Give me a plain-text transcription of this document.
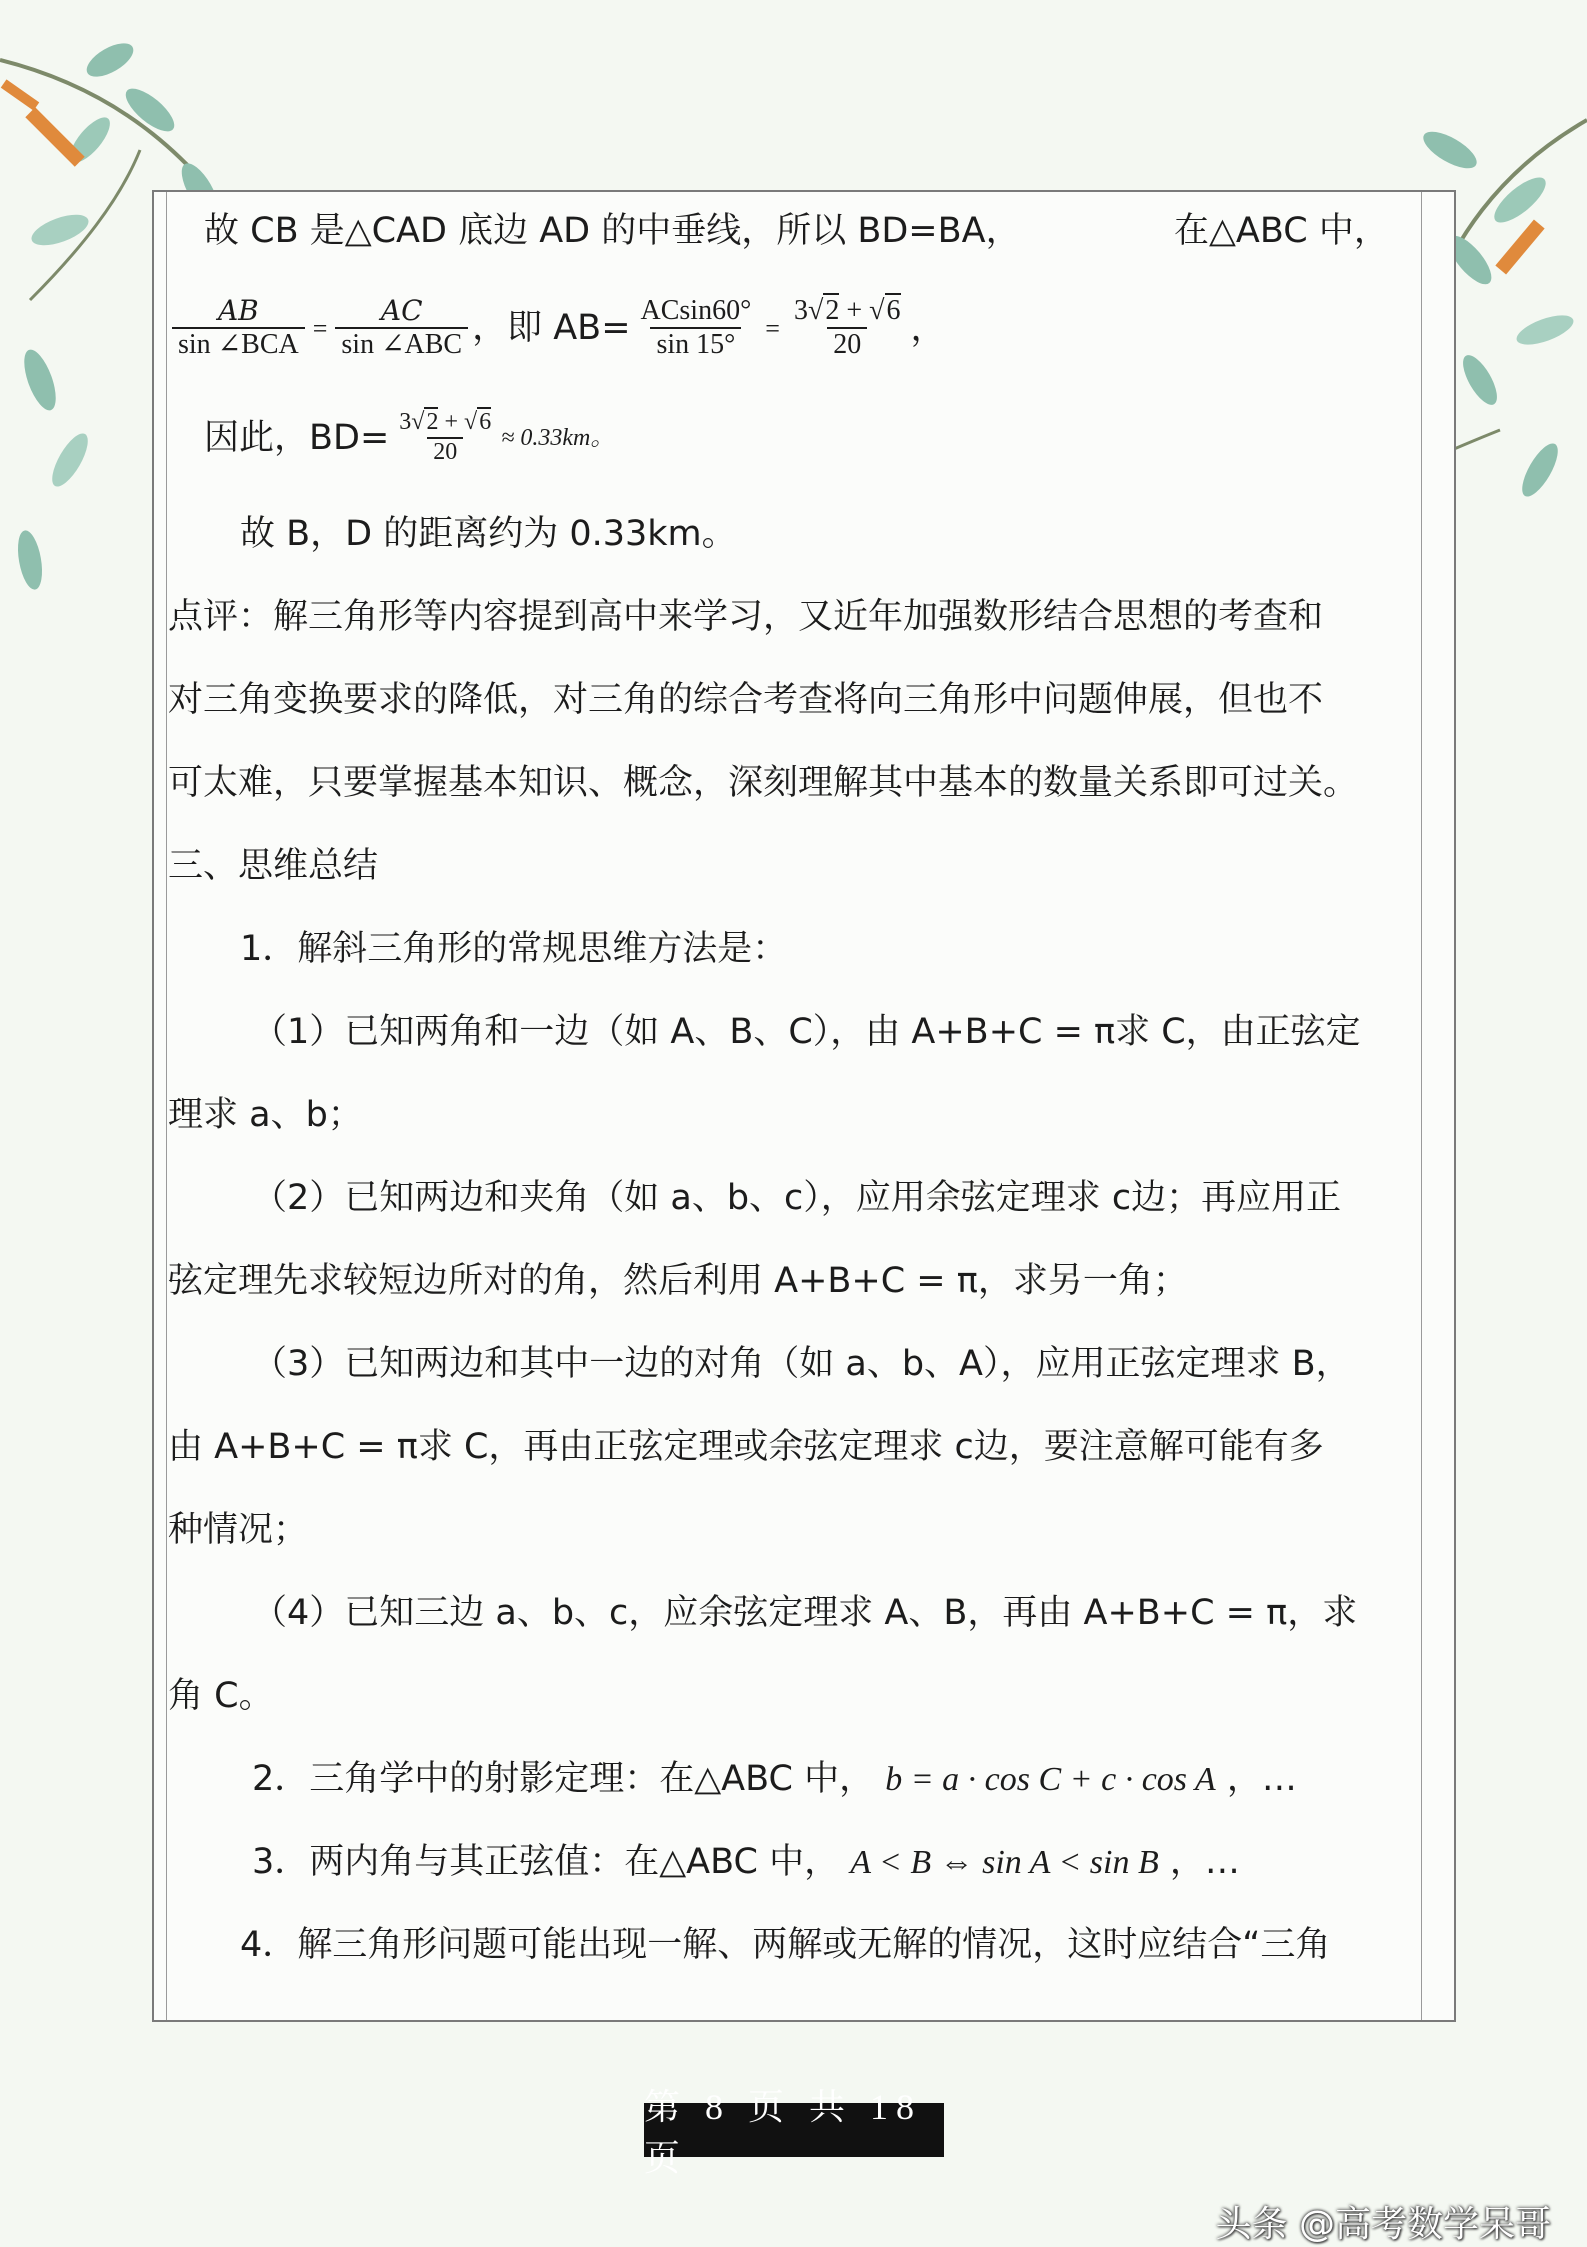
故 CB 是△CAD 底边 AD 的中垂线，所以 BD=BA，	在△ABC 中，
$\frac{AB}{\text{sin ∠BCA}} = \frac{AC}{\text{sin ∠ABC}}$ ，即 $AB= \frac{ACsin60^\circ}{\sin 15^\circ} = \frac{3√2 + √6}{20}$ ，
因此，$BD= \frac{3√2 + √6}{20} \approx 0.33km$。
故 B，D 的距离约为 0.33km。
点评：解三角形等内容提到高中来学习，又近年加强数形结合思想的考查和
对三角变换要求的降低，对三角的综合考查将向三角形中问题伸展，但也不
可太难，只要掌握基本知识、概念，深刻理解其中基本的数量关系即可过关。
三、思维总结
1．解斜三角形的常规思维方法是：
（1）已知两角和一边（如 A、B、C），由 A+B+C = π求 C，由正弦定
理求 a、b；
（2）已知两边和夹角（如 a、b、c），应用余弦定理求 c边；再应用正
弦定理先求较短边所对的角，然后利用 A+B+C = π，求另一角；
（3）已知两边和其中一边的对角（如 a、b、A），应用正弦定理求 B，
由 A+B+C = π求 C，再由正弦定理或余弦定理求 c边，要注意解可能有多
种情况；
（4）已知三边 a、b、c，应余弦定理求 A、B，再由 A+B+C = π，求
角 C。
2．三角学中的射影定理：在△ABC 中， b = a · cos C + c · cos A ，…
3．两内角与其正弦值：在△ABC 中， A < B ⇔ sin A < sin B ，…
4．解三角形问题可能出现一解、两解或无解的情况，这时应结合“三角
第 8 页 共 18 页
头条 @高考数学呆哥
